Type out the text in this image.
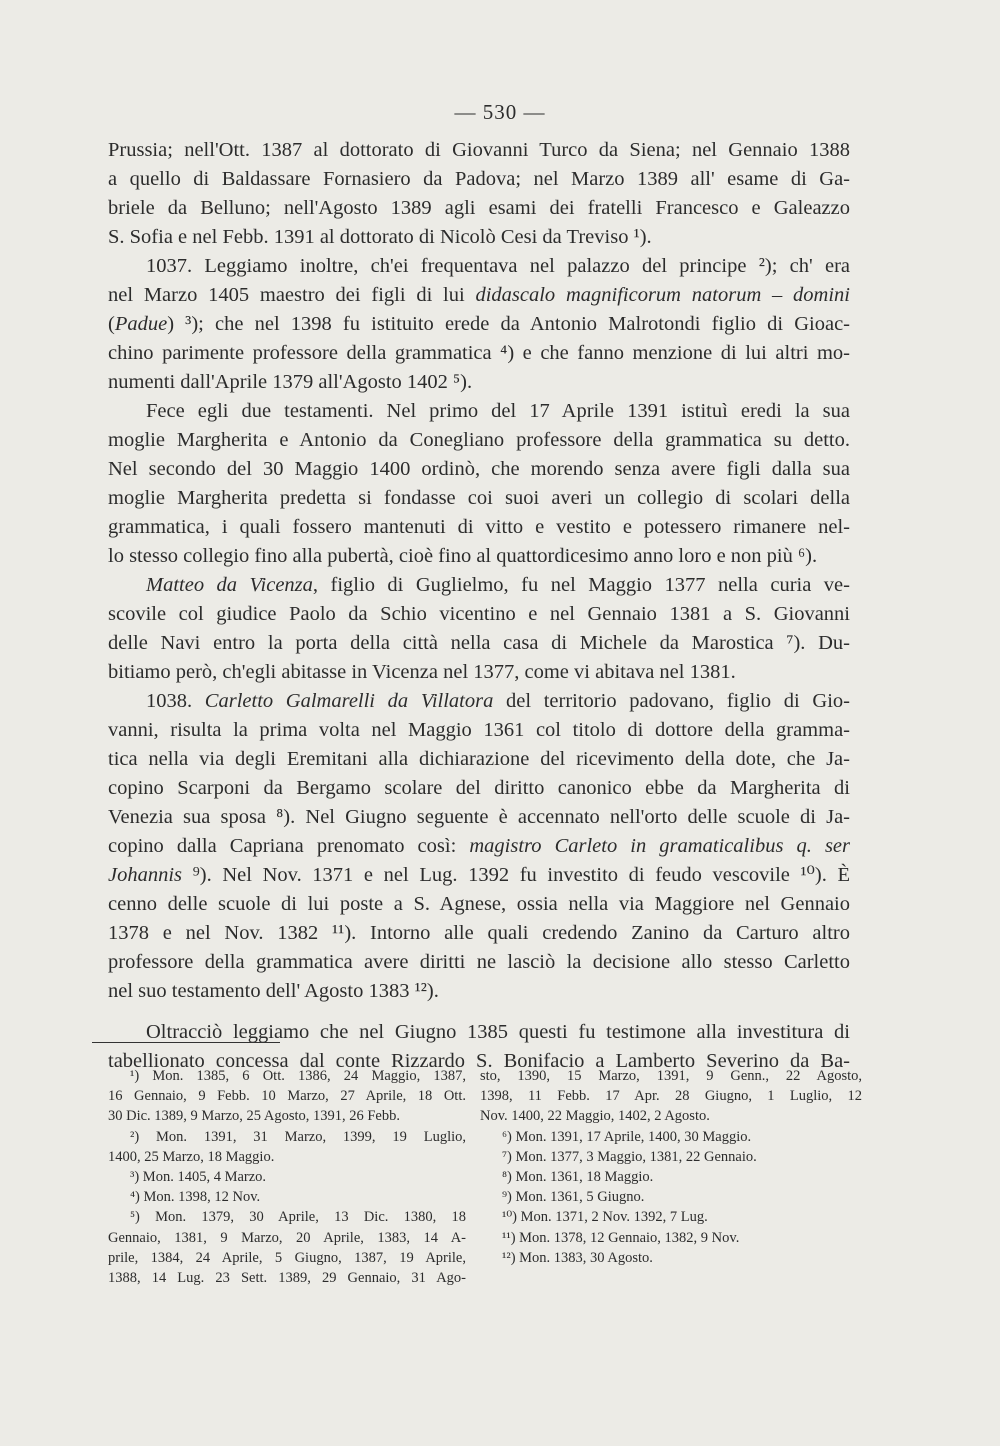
— 530 —
Prussia; nell'Ott. 1387 al dottorato di Giovanni Turco da Siena; nel Gennaio 1388
a quello di Baldassare Fornasiero da Padova; nel Marzo 1389 all' esame di Ga-
briele da Belluno; nell'Agosto 1389 agli esami dei fratelli Francesco e Galeazzo
S. Sofia e nel Febb. 1391 al dottorato di Nicolò Cesi da Treviso ¹).
1037. Leggiamo inoltre, ch'ei frequentava nel palazzo del principe ²); ch' era
nel Marzo 1405 maestro dei figli di lui didascalo magnificorum natorum – domini
(Padue) ³); che nel 1398 fu istituito erede da Antonio Malrotondi figlio di Gioac-
chino parimente professore della grammatica ⁴) e che fanno menzione di lui altri mo-
numenti dall'Aprile 1379 all'Agosto 1402 ⁵).
Fece egli due testamenti. Nel primo del 17 Aprile 1391 istituì eredi la sua
moglie Margherita e Antonio da Conegliano professore della grammatica su detto.
Nel secondo del 30 Maggio 1400 ordinò, che morendo senza avere figli dalla sua
moglie Margherita predetta si fondasse coi suoi averi un collegio di scolari della
grammatica, i quali fossero mantenuti di vitto e vestito e potessero rimanere nel-
lo stesso collegio fino alla pubertà, cioè fino al quattordicesimo anno loro e non più ⁶).
Matteo da Vicenza, figlio di Guglielmo, fu nel Maggio 1377 nella curia ve-
scovile col giudice Paolo da Schio vicentino e nel Gennaio 1381 a S. Giovanni
delle Navi entro la porta della città nella casa di Michele da Marostica ⁷). Du-
bitiamo però, ch'egli abitasse in Vicenza nel 1377, come vi abitava nel 1381.
1038. Carletto Galmarelli da Villatora del territorio padovano, figlio di Gio-
vanni, risulta la prima volta nel Maggio 1361 col titolo di dottore della gramma-
tica nella via degli Eremitani alla dichiarazione del ricevimento della dote, che Ja-
copino Scarponi da Bergamo scolare del diritto canonico ebbe da Margherita di
Venezia sua sposa ⁸). Nel Giugno seguente è accennato nell'orto delle scuole di Ja-
copino dalla Capriana prenomato così: magistro Carleto in gramaticalibus q. ser
Johannis ⁹). Nel Nov. 1371 e nel Lug. 1392 fu investito di feudo vescovile ¹⁰). È
cenno delle scuole di lui poste a S. Agnese, ossia nella via Maggiore nel Gennaio
1378 e nel Nov. 1382 ¹¹). Intorno alle quali credendo Zanino da Carturo altro
professore della grammatica avere diritti ne lasciò la decisione allo stesso Carletto
nel suo testamento dell' Agosto 1383 ¹²).
Oltracciò leggiamo che nel Giugno 1385 questi fu testimone alla investitura di
tabellionato concessa dal conte Rizzardo S. Bonifacio a Lamberto Severino da Ba-
¹) Mon. 1385, 6 Ott. 1386, 24 Maggio, 1387,
16 Gennaio, 9 Febb. 10 Marzo, 27 Aprile, 18 Ott.
30 Dic. 1389, 9 Marzo, 25 Agosto, 1391, 26 Febb.
²) Mon. 1391, 31 Marzo, 1399, 19 Luglio,
1400, 25 Marzo, 18 Maggio.
³) Mon. 1405, 4 Marzo.
⁴) Mon. 1398, 12 Nov.
⁵) Mon. 1379, 30 Aprile, 13 Dic. 1380, 18
Gennaio, 1381, 9 Marzo, 20 Aprile, 1383, 14 A-
prile, 1384, 24 Aprile, 5 Giugno, 1387, 19 Aprile,
1388, 14 Lug. 23 Sett. 1389, 29 Gennaio, 31 Ago-
sto, 1390, 15 Marzo, 1391, 9 Genn., 22 Agosto,
1398, 11 Febb. 17 Apr. 28 Giugno, 1 Luglio, 12
Nov. 1400, 22 Maggio, 1402, 2 Agosto.
⁶) Mon. 1391, 17 Aprile, 1400, 30 Maggio.
⁷) Mon. 1377, 3 Maggio, 1381, 22 Gennaio.
⁸) Mon. 1361, 18 Maggio.
⁹) Mon. 1361, 5 Giugno.
¹⁰) Mon. 1371, 2 Nov. 1392, 7 Lug.
¹¹) Mon. 1378, 12 Gennaio, 1382, 9 Nov.
¹²) Mon. 1383, 30 Agosto.
